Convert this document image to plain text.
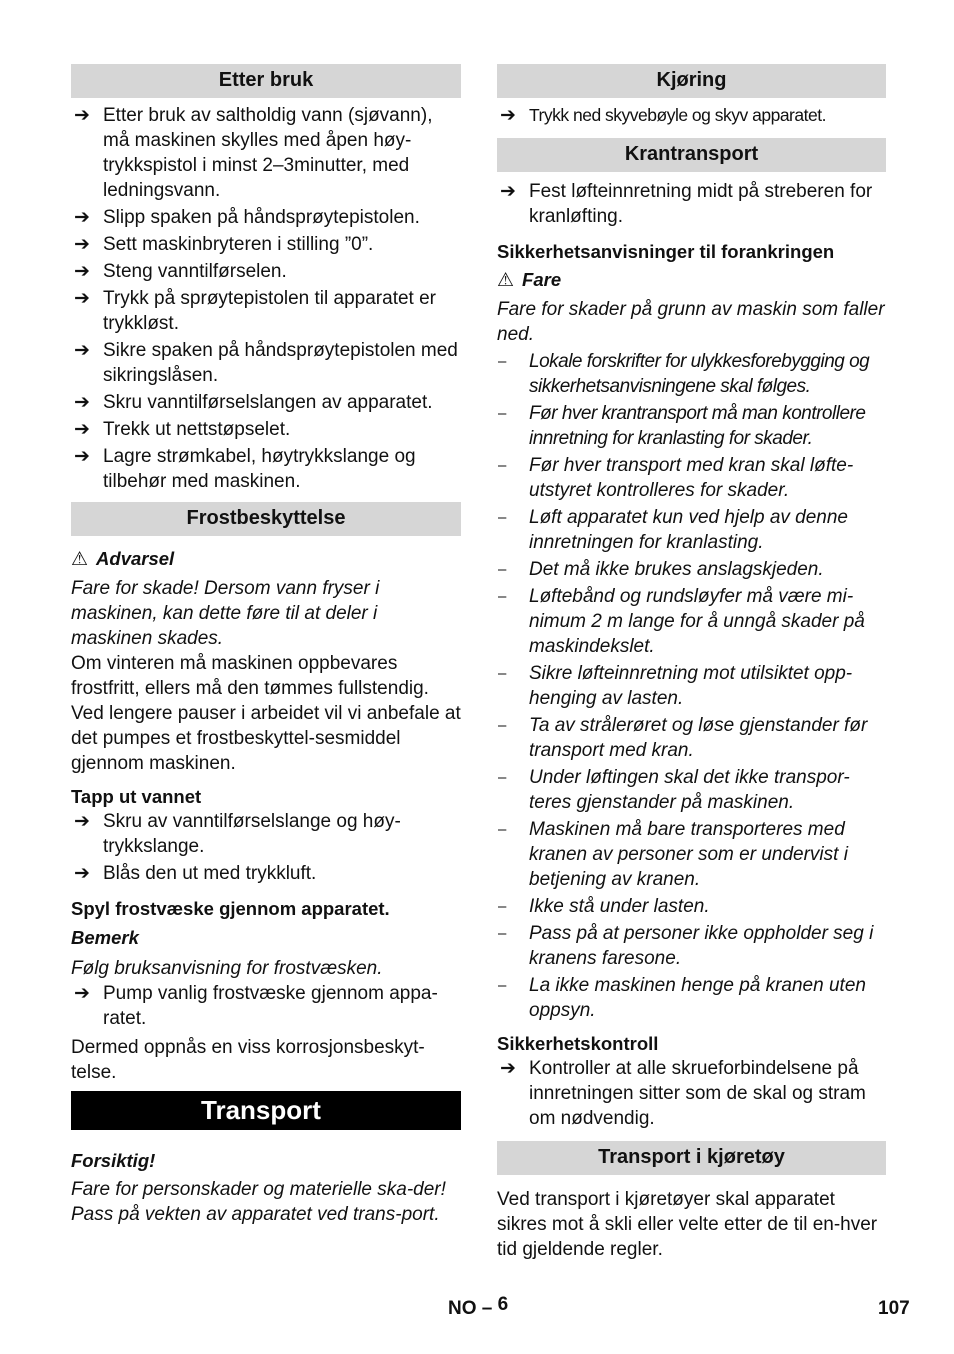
Etter bruk
➔ Etter bruk av saltholdig vann (sjøvann), må maskinen skylles med åpen høy-trykkspistol i minst 2–3minutter, med ledningsvann.
➔ Slipp spaken på håndsprøytepistolen.
➔ Sett maskinbryteren i stilling ”0”.
➔ Steng vanntilførselen.
➔ Trykk på sprøytepistolen til apparatet er trykkløst.
➔ Sikre spaken på håndsprøytepistolen med sikringslåsen.
➔ Skru vanntilførselslangen av apparatet.
➔ Trekk ut nettstøpselet.
➔ Lagre strømkabel, høytrykkslange og tilbehør med maskinen.
Frostbeskyttelse
⚠ Advarsel
Fare for skade! Dersom vann fryser i maskinen, kan dette føre til at deler i maskinen skades.
Om vinteren må maskinen oppbevares frostfritt, ellers må den tømmes fullstendig. Ved lengere pauser i arbeidet vil vi anbefale at det pumpes et frostbeskyttel-sesmiddel gjennom maskinen.
Tapp ut vannet
➔ Skru av vanntilførselslange og høy-trykkslange.
➔ Blås den ut med trykkluft.
Spyl frostvæske gjennom apparatet.
Bemerk
Følg bruksanvisning for frostvæsken.
➔ Pump vanlig frostvæske gjennom appa-ratet.
Dermed oppnås en viss korrosjonsbeskyt-telse.
Transport
Forsiktig!
Fare for personskader og materielle ska-der! Pass på vekten av apparatet ved trans-port.
Kjøring
➔ Trykk ned skyvebøyle og skyv apparatet.
Krantransport
➔ Fest løfteinnretning midt på streberen for kranløfting.
Sikkerhetsanvisninger til forankringen
⚠ Fare
Fare for skader på grunn av maskin som faller ned.
– Lokale forskrifter for ulykkesforebygging og sikkerhetsanvisningene skal følges.
– Før hver krantransport må man kontrollere innretning for kranlasting for skader.
– Før hver transport med kran skal løfte-utstyret kontrolleres for skader.
– Løft apparatet kun ved hjelp av denne innretningen for kranlasting.
– Det må ikke brukes anslagskjeden.
– Løftebånd og rundsløyfer må være mi-nimum 2 m lange for å unngå skader på maskindekslet.
– Sikre løfteinnretning mot utilsiktet opp-henging av lasten.
– Ta av strålerøret og løse gjenstander før transport med kran.
– Under løftingen skal det ikke transpor-teres gjenstander på maskinen.
– Maskinen må bare transporteres med kranen av personer som er undervist i betjening av kranen.
– Ikke stå under lasten.
– Pass på at personer ikke oppholder seg i kranens faresone.
– La ikke maskinen henge på kranen uten oppsyn.
Sikkerhetskontroll
➔ Kontroller at alle skrueforbindelsene på innretningen sitter som de skal og stram om nødvendig.
Transport i kjøretøy
Ved transport i kjøretøyer skal apparatet sikres mot å skli eller velte etter de til en-hver tid gjeldende regler.
NO – 6	107
